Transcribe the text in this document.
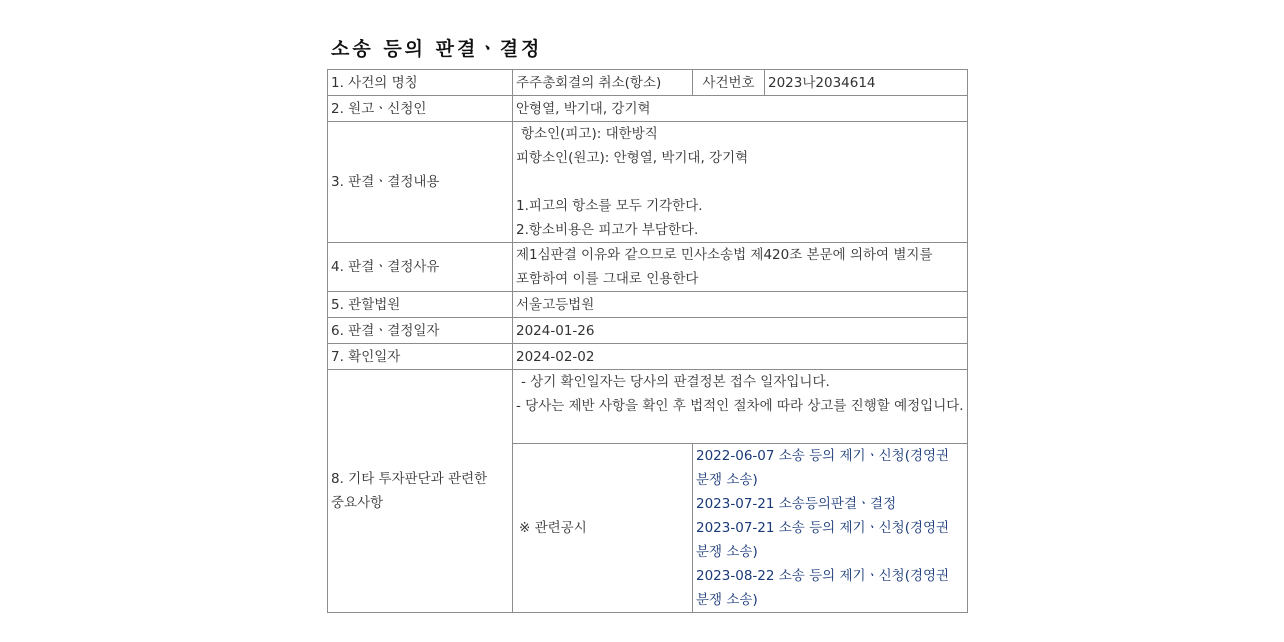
소송 등의 판결ㆍ결정
1. 사건의 명칭	주주총회결의 취소(항소)	사건번호	2023나2034614
2. 원고ㆍ신청인	안형열, 박기대, 강기혁		
3. 판결ㆍ결정내용	항소인(피고): 대한방직
피항소인(원고): 안형열, 박기대, 강기혁
1.피고의 항소를 모두 기각한다.
2.항소비용은 피고가 부담한다.		

4. 판결ㆍ결정사유	제1심판결 이유와 같으므로 민사소송법 제420조 본문에 의하여 별지를 포함하여 이를 그대로 인용한다		

5. 관할법원	서울고등법원		
6. 판결ㆍ결정일자	2024-01-26		
7. 확인일자	2024-02-02		

8. 기타 투자판단과 관련한 중요사항	- 상기 확인일자는 당사의 판결정본 접수 일자입니다.
- 당사는 제반 사항을 확인 후 법적인 절차에 따라 상고를 진행할 예정입니다.		

	※ 관련공시	2022-06-07 소송 등의 제기ㆍ신청(경영권 분쟁 소송)
2023-07-21 소송등의판결ㆍ결정
2023-07-21 소송 등의 제기ㆍ신청(경영권 분쟁 소송)
2023-08-22 소송 등의 제기ㆍ신청(경영권 분쟁 소송)	
